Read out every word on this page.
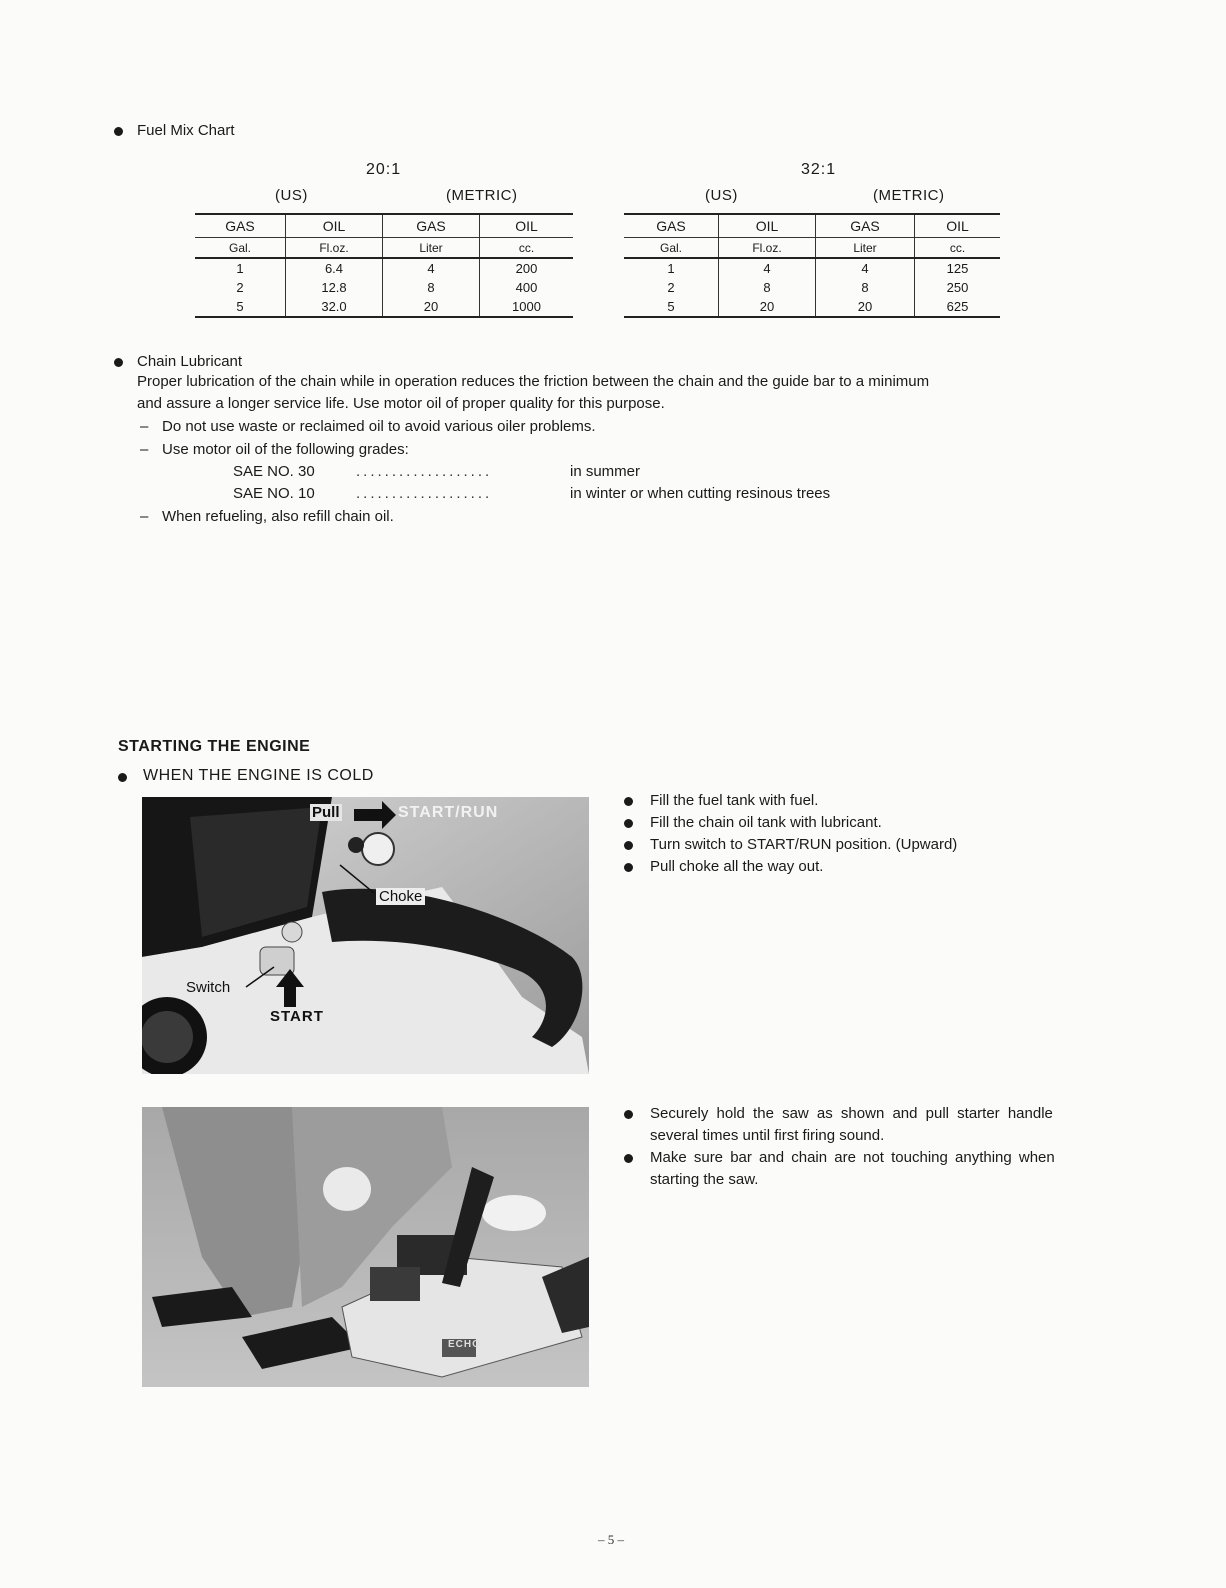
Fuel Mix Chart
20:1
(US)	(METRIC)
GAS	OIL	GAS	OIL
Gal.	Fl.oz.	Liter	cc.
1	6.4	4	200
2	12.8	8	400
5	32.0	20	1000
32:1
(US)	(METRIC)
GAS	OIL	GAS	OIL
Gal.	Fl.oz.	Liter	cc.
1	4	4	125
2	8	8	250
5	20	20	625
Chain Lubricant
Proper lubrication of the chain while in operation reduces the friction between the chain and the guide bar to a minimum
and assure a longer service life. Use motor oil of proper quality for this purpose.
– Do not use waste or reclaimed oil to avoid various oiler problems.
– Use motor oil of the following grades:
SAE NO. 30	...................	in summer
SAE NO. 10	...................	in winter or when cutting resinous trees
– When refueling, also refill chain oil.
STARTING THE ENGINE
WHEN THE ENGINE IS COLD
Pull	START/RUN
Choke
Switch
START
Fill the fuel tank with fuel.
Fill the chain oil tank with lubricant.
Turn switch to START/RUN position. (Upward)
Pull choke all the way out.
ECHO
Securely hold the saw as shown and pull starter handle
several times until first firing sound.
Make sure bar and chain are not touching anything when
starting the saw.
– 5 –
